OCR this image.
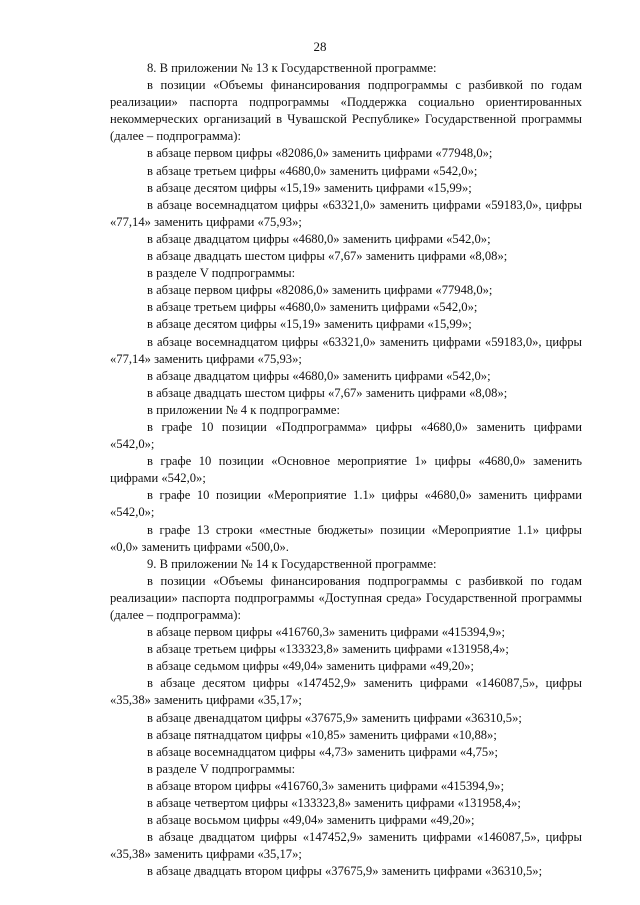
28

8. В приложении № 13 к Государственной программе:

в позиции «Объемы финансирования подпрограммы с разбивкой по годам реализации» паспорта подпрограммы «Поддержка социально ориентированных некоммерческих организаций в Чувашской Республике» Государственной программы (далее – подпрограмма):

в абзаце первом цифры «82086,0» заменить цифрами «77948,0»;

в абзаце третьем цифры «4680,0» заменить цифрами «542,0»;

в абзаце десятом цифры «15,19» заменить цифрами «15,99»;

в абзаце восемнадцатом цифры «63321,0» заменить цифрами «59183,0», цифры «77,14» заменить цифрами «75,93»;

в абзаце двадцатом цифры «4680,0» заменить цифрами «542,0»;

в абзаце двадцать шестом цифры «7,67» заменить цифрами «8,08»;

в разделе V подпрограммы:

в абзаце первом цифры «82086,0» заменить цифрами «77948,0»;

в абзаце третьем цифры «4680,0» заменить цифрами «542,0»;

в абзаце десятом цифры «15,19» заменить цифрами «15,99»;

в абзаце восемнадцатом цифры «63321,0» заменить цифрами «59183,0», цифры «77,14» заменить цифрами «75,93»;

в абзаце двадцатом цифры «4680,0» заменить цифрами «542,0»;

в абзаце двадцать шестом цифры «7,67» заменить цифрами «8,08»;

в приложении № 4 к подпрограмме:

в графе 10 позиции «Подпрограмма» цифры «4680,0» заменить цифрами «542,0»;

в графе 10 позиции «Основное мероприятие 1» цифры «4680,0» заменить цифрами «542,0»;

в графе 10 позиции «Мероприятие 1.1» цифры «4680,0» заменить цифрами «542,0»;

в графе 13 строки «местные бюджеты» позиции «Мероприятие 1.1» цифры «0,0» заменить цифрами «500,0».

9. В приложении № 14 к Государственной программе:

в позиции «Объемы финансирования подпрограммы с разбивкой по годам реализации» паспорта подпрограммы «Доступная среда» Государственной программы (далее – подпрограмма):

в абзаце первом цифры «416760,3» заменить цифрами «415394,9»;

в абзаце третьем цифры «133323,8» заменить цифрами «131958,4»;

в абзаце седьмом цифры «49,04» заменить цифрами «49,20»;

в абзаце десятом цифры «147452,9» заменить цифрами «146087,5», цифры «35,38» заменить цифрами «35,17»;

в абзаце двенадцатом цифры «37675,9» заменить цифрами «36310,5»;

в абзаце пятнадцатом цифры «10,85» заменить цифрами «10,88»;

в абзаце восемнадцатом цифры «4,73» заменить цифрами «4,75»;

в разделе V подпрограммы:

в абзаце втором цифры «416760,3» заменить цифрами «415394,9»;

в абзаце четвертом цифры «133323,8» заменить цифрами «131958,4»;

в абзаце восьмом цифры «49,04» заменить цифрами «49,20»;

в абзаце двадцатом цифры «147452,9» заменить цифрами «146087,5», цифры «35,38» заменить цифрами «35,17»;

в абзаце двадцать втором цифры «37675,9» заменить цифрами «36310,5»;
